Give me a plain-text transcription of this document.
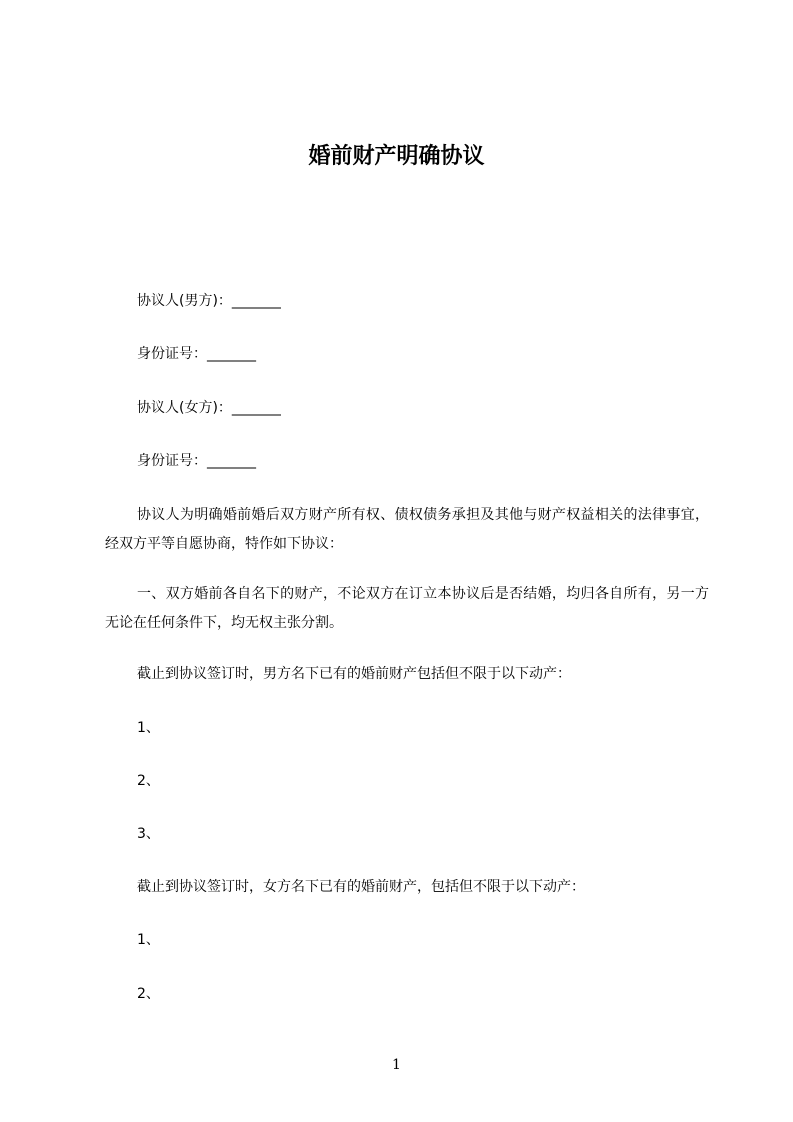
婚前财产明确协议
协议人(男方)：_______
身份证号：_______
协议人(女方)：_______
身份证号：_______
协议人为明确婚前婚后双方财产所有权、债权债务承担及其他与财产权益相关的法律事宜，经双方平等自愿协商，特作如下协议：
一、双方婚前各自名下的财产，不论双方在订立本协议后是否结婚，均归各自所有，另一方无论在任何条件下，均无权主张分割。
截止到协议签订时，男方名下已有的婚前财产包括但不限于以下动产：
1、
2、
3、
截止到协议签订时，女方名下已有的婚前财产，包括但不限于以下动产：
1、
2、
1
